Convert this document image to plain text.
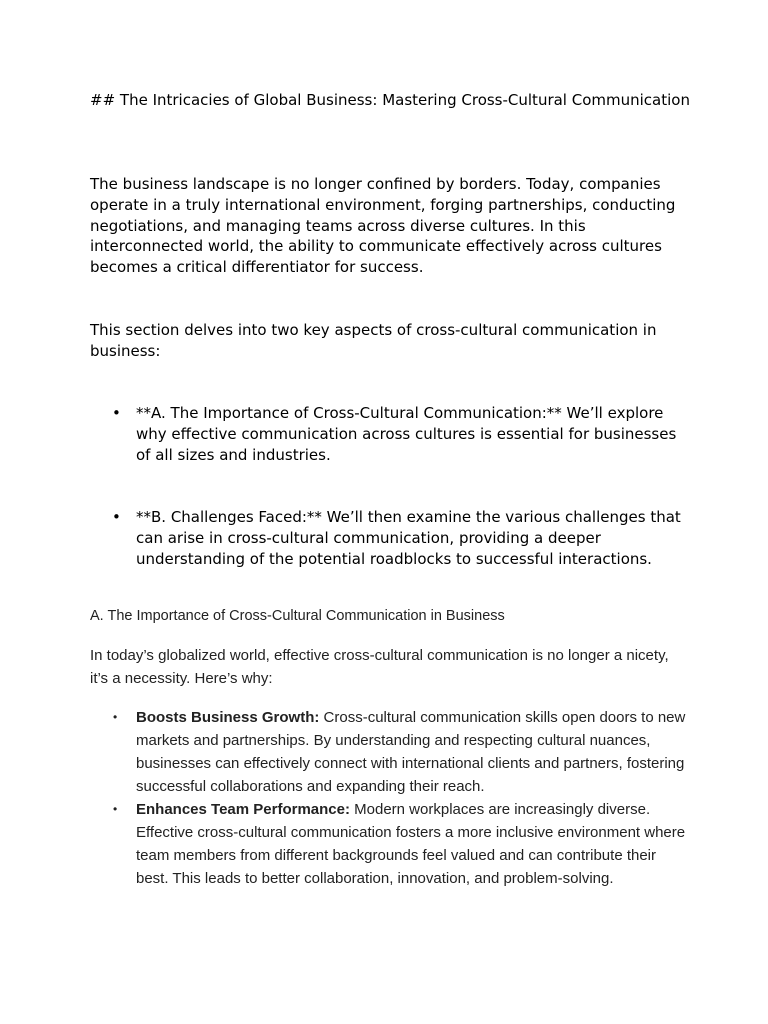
## The Intricacies of Global Business: Mastering Cross-Cultural Communication

The business landscape is no longer confined by borders. Today, companies operate in a truly international environment, forging partnerships, conducting negotiations, and managing teams across diverse cultures. In this interconnected world, the ability to communicate effectively across cultures becomes a critical differentiator for success.

This section delves into two key aspects of cross-cultural communication in business:

• **A. The Importance of Cross-Cultural Communication:** We’ll explore why effective communication across cultures is essential for businesses of all sizes and industries.
• **B. Challenges Faced:** We’ll then examine the various challenges that can arise in cross-cultural communication, providing a deeper understanding of the potential roadblocks to successful interactions.

A. The Importance of Cross-Cultural Communication in Business

In today’s globalized world, effective cross-cultural communication is no longer a nicety, it’s a necessity. Here’s why:

• Boosts Business Growth: Cross-cultural communication skills open doors to new markets and partnerships. By understanding and respecting cultural nuances, businesses can effectively connect with international clients and partners, fostering successful collaborations and expanding their reach.
• Enhances Team Performance: Modern workplaces are increasingly diverse. Effective cross-cultural communication fosters a more inclusive environment where team members from different backgrounds feel valued and can contribute their best. This leads to better collaboration, innovation, and problem-solving.
